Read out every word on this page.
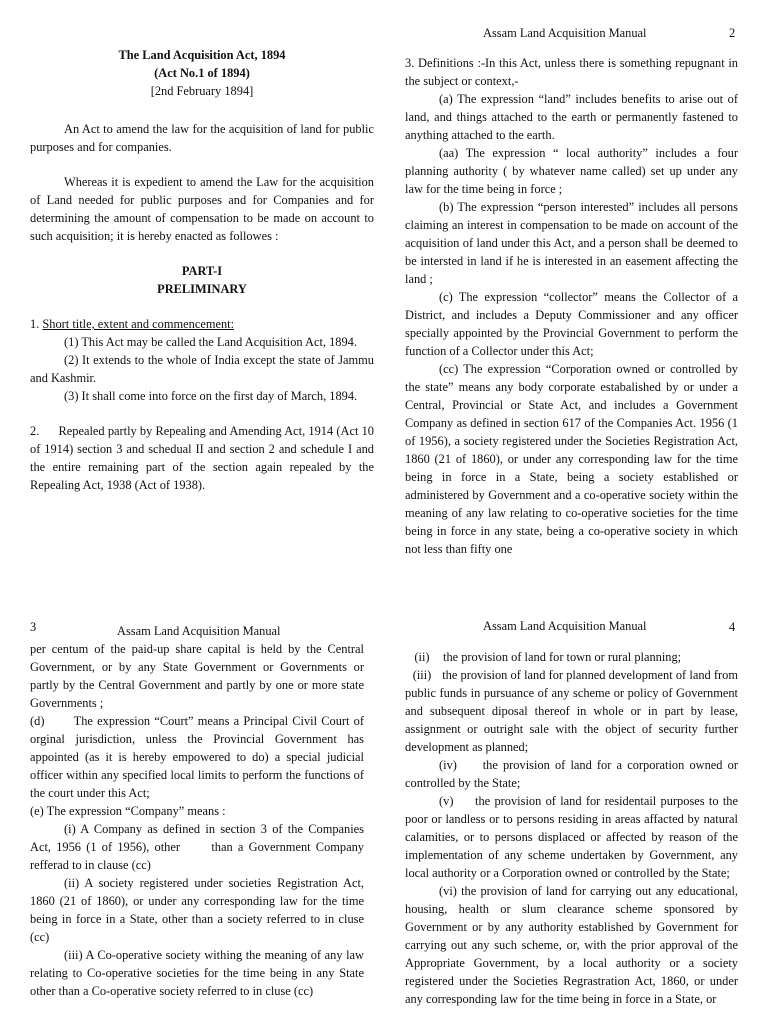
Assam Land Acquisition Manual	2
The Land Acquisition Act, 1894
(Act No.1 of 1894)
[2nd February 1894]

An Act to amend the law for the acquisition of land for public purposes and for companies.

Whereas it is expedient to amend the Law for the acquisition of Land needed for public purposes and for Companies and for determining the amount of compensation to be made on account to such acquisition; it is hereby enacted as followes :

PART-I
PRELIMINARY

1. Short title, extent and commencement:

(1) This Act may be called the Land Acquisition Act, 1894.

(2) It extends to the whole of India except the state of Jammu and Kashmir.

(3) It shall come into force on the first day of March, 1894.

2.      Repealed partly by Repealing and Amending Act, 1914 (Act 10 of 1914) section 3 and schedual II and section 2 and schedule I and the entire remaining part of the section again repealed by the Repealing Act, 1938 (Act of 1938).

3. Definitions :-In this Act, unless there is something repugnant in the subject or context,-

(a) The expression “land” includes benefits to arise out of land, and things attached to the earth or permanently fastened to anything attached to the earth.

(aa) The expression “ local authority” includes a four planning authority ( by whatever name called) set up under any law for the time being in force ;

(b) The expression “person interested” includes all persons claiming an interest in compensation to be made on account of the acquisition of land under this Act, and a person shall be deemed to be intersted in land if he is interested in an easement affecting the land ;

(c) The expression “collector” means the Collector of a District, and includes a Deputy Commissioner and any officer specially appointed by the Provincial Government to perform the function of a Collector under this Act;

(cc) The expression “Corporation owned or controlled by the state” means any body corporate estabalished by or under a Central, Provincial or State Act, and includes a Government Company as defined in section 617 of the Companies Act. 1956 (1 of 1956), a society registered under the Societies Registration Act, 1860 (21 of 1860), or under any corresponding law for the time being in force in a State, being a society established or administered by Government and a co-operative society within the meaning of any law relating to co-operative societies for the time being in force in any state, being a co-operative society in which not less than fifty one

3	Assam Land Acquisition Manual

per centum of the paid-up share capital is held by the Central Government, or by any State Government or Governments or partly by the Central Government and partly by one or more state Governments ;

(d)       The expression “Court” means a Principal Civil Court of orginal jurisdiction, unless the Provincial Government has appointed (as it is hereby empowered to do) a special judicial officer within any specified local limits to perform the functions of the court under this Act;

(e) The expression “Company” means :

(i) A Company as defined in section 3 of the Companies Act, 1956 (1 of 1956), other      than a Government Company refferad to in clause (cc)

(ii) A society registered under societies Registration Act, 1860 (21 of 1860), or under any corresponding law for the time being in force in a State, other than a society referred to in cluse (cc)

(iii) A Co-operative society withing the meaning of any law relating to Co-operative societies for the time being in any State other than a Co-operative society referred to in cluse (cc)

Assam Land Acquisition Manual	4
(ii)	the provision of land for town or rural planning;

(iii) the provision of land for planned development of land from public funds in pursuance of any scheme or policy of Government and subsequent diposal thereof in whole or in part by lease, assignment or outright sale with the object of security further development as planned;

(iv)     the provision of land for a corporation owned or controlled by the State;

(v)     the provision of land for residentail purposes to the poor or landless or to persons residing in areas affacted by natural calamities, or to persons displaced or affected by reason of the implementation of any scheme undertaken by Government, any local authority or a Corporation owned or controlled by the State;

(vi) the provision of land for carrying out any educational, housing, health or slum clearance scheme sponsored by Government or by any authority established by Government for carrying out any such scheme, or, with the prior approval of the Appropriate Government, by a local authority or a society registered under the Societies Regrastration Act, 1860, or under any corresponding law for the time being in force in a State, or
